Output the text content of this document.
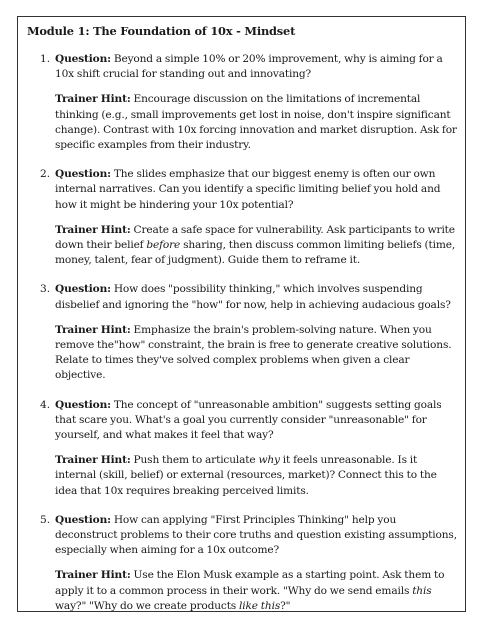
Module 1: The Foundation of 10x - Mindset
1. Question: Beyond a simple 10% or 20% improvement, why is aiming for a 10x shift crucial for standing out and innovating?
Trainer Hint: Encourage discussion on the limitations of incremental thinking (e.g., small improvements get lost in noise, don't inspire significant change). Contrast with 10x forcing innovation and market disruption. Ask for specific examples from their industry.
2. Question: The slides emphasize that our biggest enemy is often our own internal narratives. Can you identify a specific limiting belief you hold and how it might be hindering your 10x potential?
Trainer Hint: Create a safe space for vulnerability. Ask participants to write down their belief before sharing, then discuss common limiting beliefs (time, money, talent, fear of judgment). Guide them to reframe it.
3. Question: How does "possibility thinking," which involves suspending disbelief and ignoring the "how" for now, help in achieving audacious goals?
Trainer Hint: Emphasize the brain's problem-solving nature. When you remove the"how" constraint, the brain is free to generate creative solutions. Relate to times they've solved complex problems when given a clear objective.
4. Question: The concept of "unreasonable ambition" suggests setting goals that scare you. What's a goal you currently consider "unreasonable" for yourself, and what makes it feel that way?
Trainer Hint: Push them to articulate why it feels unreasonable. Is it internal (skill, belief) or external (resources, market)? Connect this to the idea that 10x requires breaking perceived limits.
5. Question: How can applying "First Principles Thinking" help you deconstruct problems to their core truths and question existing assumptions, especially when aiming for a 10x outcome?
Trainer Hint: Use the Elon Musk example as a starting point. Ask them to apply it to a common process in their work. "Why do we send emails this way?" "Why do we create products like this?"
